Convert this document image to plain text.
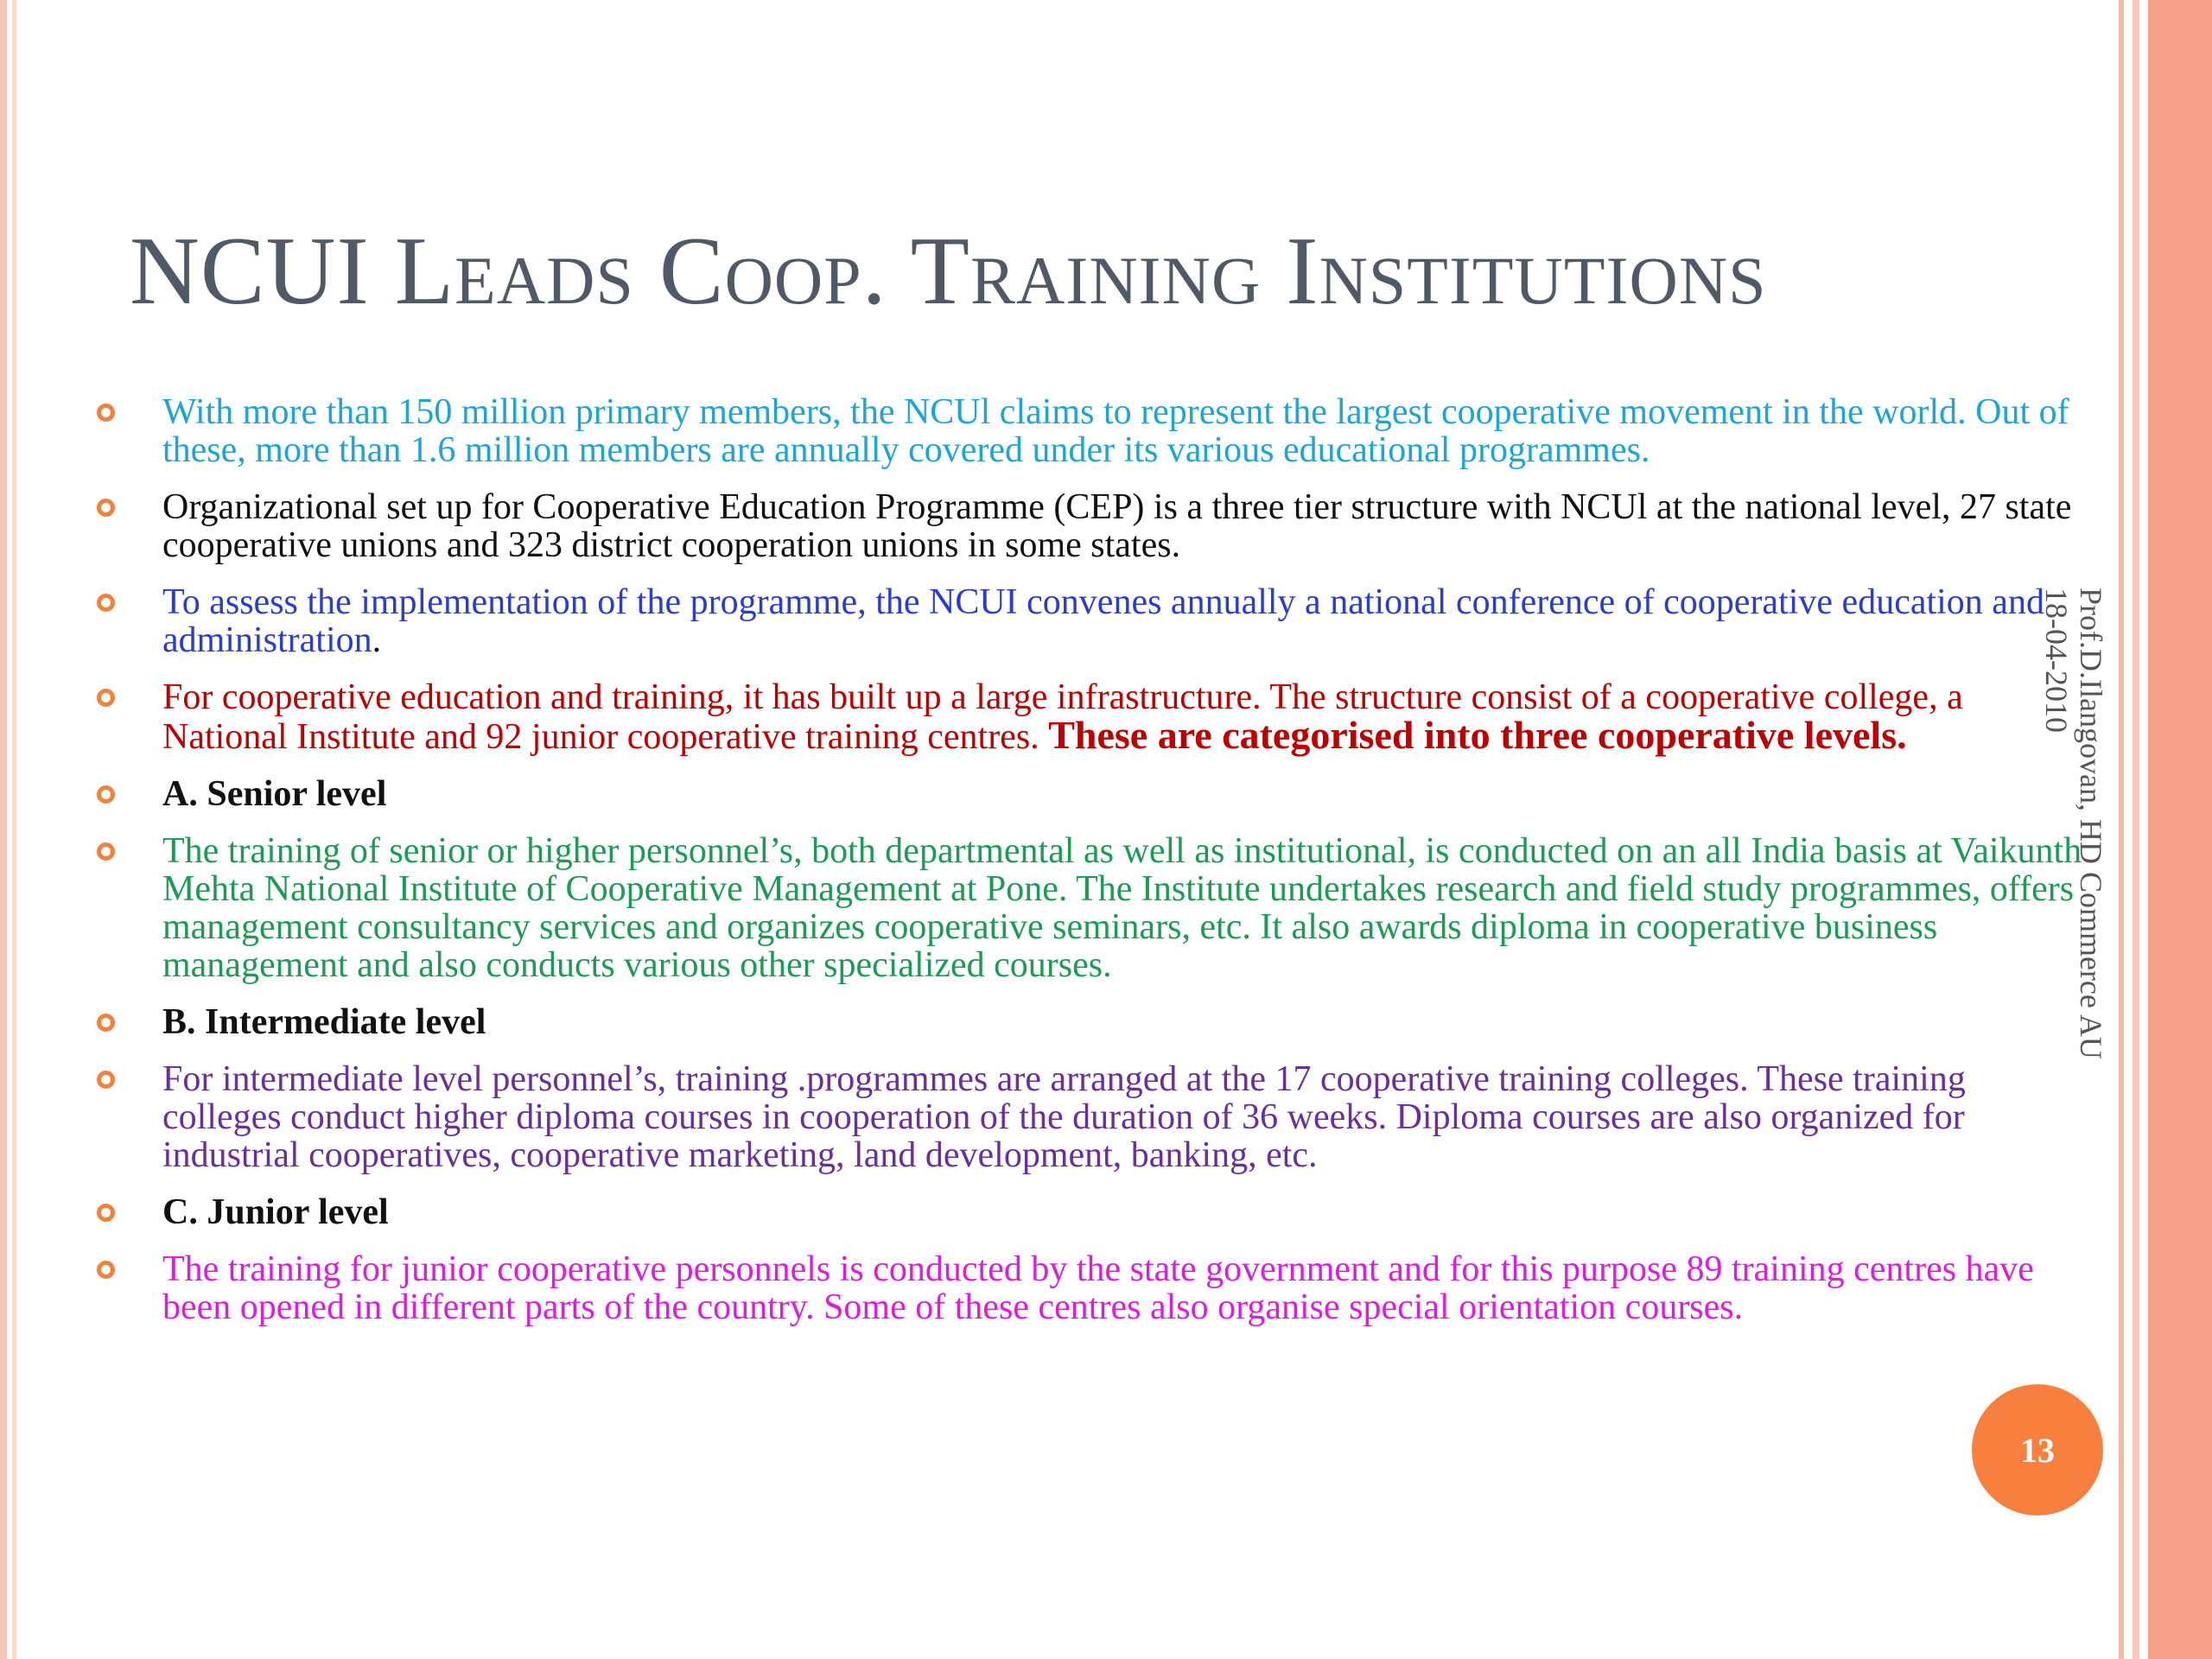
NCUI Leads Coop. Training Institutions
With more than 150 million primary members, the NCUl claims to represent the largest cooperative movement in the world. Out of these, more than 1.6 million members are annually covered under its various educational programmes.
Organizational set up for Cooperative Education Programme (CEP) is a three tier structure with NCUl at the national level, 27 state cooperative unions and 323 district cooperation unions in some states.
To assess the implementation of the programme, the NCUI convenes annually a national conference of cooperative education and administration.
For cooperative education and training, it has built up a large infrastructure. The structure consist of a cooperative college, a National Institute and 92 junior cooperative training centres. These are categorised into three cooperative levels.
A. Senior level
The training of senior or higher personnel’s, both departmental as well as institutional, is conducted on an all India basis at Vaikunth Mehta National Institute of Cooperative Management at Pone. The Institute undertakes research and field study programmes, offers management consultancy services and organizes cooperative seminars, etc. It also awards diploma in cooperative business management and also conducts various other specialized courses.
B. Intermediate level
For intermediate level personnel’s, training .programmes are arranged at the 17 cooperative training colleges. These training colleges conduct higher diploma courses in cooperation of the duration of 36 weeks. Diploma courses are also organized for industrial cooperatives, cooperative marketing, land development, banking, etc.
C. Junior level
The training for junior cooperative personnels is conducted by the state government and for this purpose 89 training centres have been opened in different parts of the country. Some of these centres also organise special orientation courses.
Prof.D.Ilangovan, HD Commerce AU
18-04-2010
13
